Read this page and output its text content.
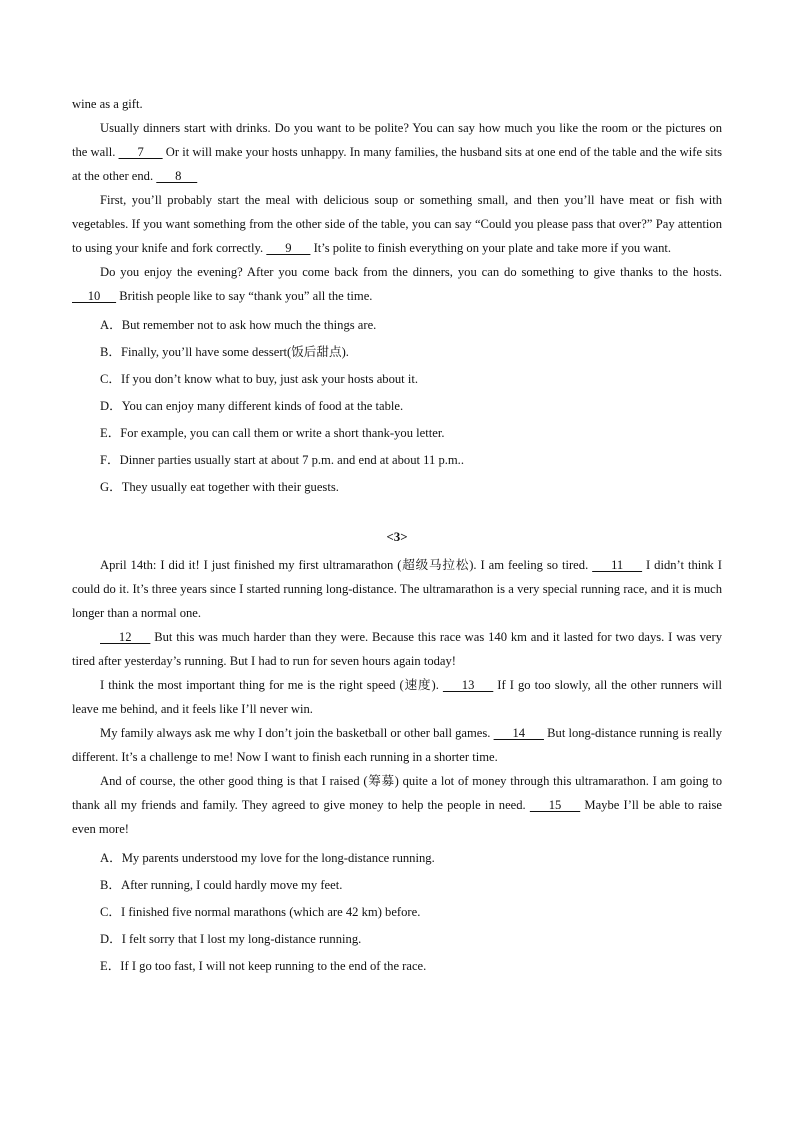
wine as a gift.

Usually dinners start with drinks. Do you want to be polite? You can say how much you like the room or the pictures on the wall.       7       Or it will make your hosts unhappy. In many families, the husband sits at one end of the table and the wife sits at the other end.       8

First, you’ll probably start the meal with delicious soup or something small, and then you’ll have meat or fish with vegetables. If you want something from the other side of the table, you can say “Could you please pass that over?” Pay attention to using your knife and fork correctly.       9       It’s polite to finish everything on your plate and take more if you want.

Do you enjoy the evening? After you come back from the dinners, you can do something to give thanks to the hosts.      10      British people like to say “thank you” all the time.

A．But remember not to ask how much the things are.

B．Finally, you’ll have some dessert(饭后甜点).

C．If you don’t know what to buy, just ask your hosts about it.

D．You can enjoy many different kinds of food at the table.

E．For example, you can call them or write a short thank-you letter.

F．Dinner parties usually start at about 7 p.m. and end at about 11 p.m..

G．They usually eat together with their guests.

<3>

April 14th: I did it! I just finished my first ultramarathon (超级马拉松). I am feeling so tired.       11       I didn’t think I could do it. It’s three years since I started running long-distance. The ultramarathon is a very special running race, and it is much longer than a normal one.

12       But this was much harder than they were. Because this race was 140 km and it lasted for two days. I was very tired after yesterday’s running. But I had to run for seven hours again today!

I think the most important thing for me is the right speed (速度).       13       If I go too slowly, all the other runners will leave me behind, and it feels like I’ll never win.

My family always ask me why I don’t join the basketball or other ball games.       14       But long-distance running is really different. It’s a challenge to me! Now I want to finish each running in a shorter time.

And of course, the other good thing is that I raised (筹募) quite a lot of money through this ultramarathon. I am going to thank all my friends and family. They agreed to give money to help the people in need.       15       Maybe I’ll be able to raise even more!

A．My parents understood my love for the long-distance running.

B．After running, I could hardly move my feet.

C．I finished five normal marathons (which are 42 km) before.

D．I felt sorry that I lost my long-distance running.

E．If I go too fast, I will not keep running to the end of the race.
